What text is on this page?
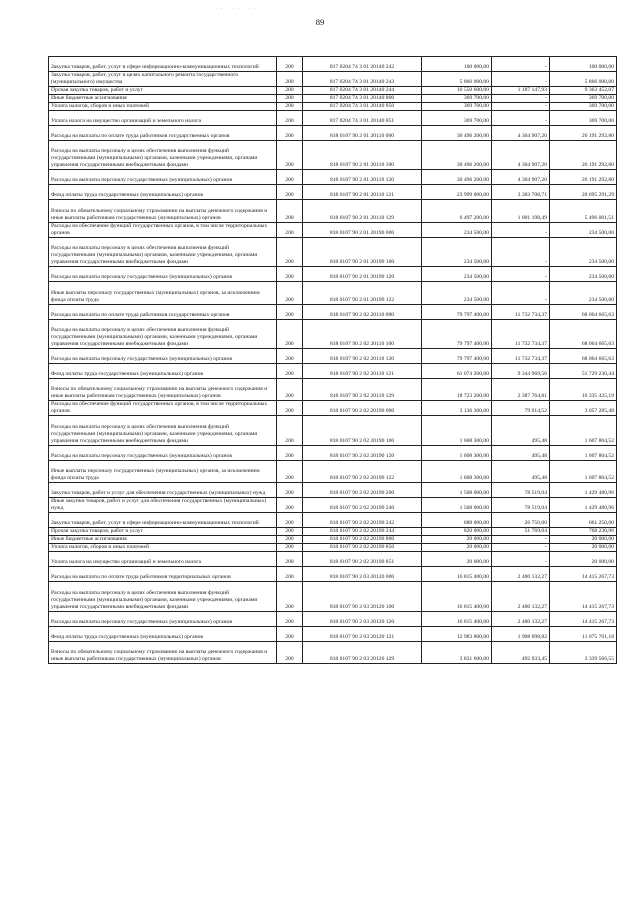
· · · · · · · · · ·
89
Закупка товаров, работ, услуг в сфере информационно-коммуникационных технологий	200	817 0204 74 3 01 20140 242	100 000,00	-	100 000,00
Закупка товаров, работ, услуг в целях капитального ремонта государственного (муниципального) имущества	200	817 0204 74 3 01 20140 243	5 866 000,00	-	5 866 000,00
Прочая закупка товаров, работ и услуг	200	817 0204 74 3 01 20140 244	10 550 600,00	1 187 147,93	9 363 452,07
Иные бюджетные ассигнования	200	817 0204 74 3 01 20140 800	369 700,00	-	369 700,00
Уплата налогов, сборов и иных платежей	200	817 0204 74 3 01 20140 850	369 700,00	-	369 700,00
Уплата налога на имущество организаций и земельного налога	200	817 0204 74 3 01 20140 851	369 700,00	-	369 700,00
Расходы на выплаты по оплате труда работников государственных органов	200	818 0107 90 2 01 20110 000	30 496 200,00	4 304 907,20	26 191 292,80
Расходы на выплаты персоналу в целях обеспечения выполнения функций государственными (муниципальными) органами, казенными учреждениями, органами управления государственными внебюджетными фондами	200	818 0107 90 2 01 20110 100	30 496 200,00	4 304 907,20	26 191 292,80
Расходы на выплаты персоналу государственных (муниципальных) органов	200	818 0107 90 2 01 20110 120	30 496 200,00	4 304 907,20	26 191 292,80
Фонд оплаты труда государственных (муниципальных) органов	200	818 0107 90 2 01 20110 121	23 999 000,00	3 303 708,71	20 695 291,29
Взносы по обязательному социальному страхованию на выплаты денежного содержания и иные выплаты работникам государственных (муниципальных) органов	200	818 0107 90 2 01 20110 129	6 497 200,00	1 001 198,49	5 496 001,51
Расходы на обеспечение функций государственных органов, в том числе территориальных органов	200	818 0107 90 2 01 20190 000	234 500,00	-	234 500,00
Расходы на выплаты персоналу в целях обеспечения выполнения функций государственными (муниципальными) органами, казенными учреждениями, органами управления государственными внебюджетными фондами	200	818 0107 90 2 01 20190 100	234 500,00	-	234 500,00
Расходы на выплаты персоналу государственных (муниципальных) органов	200	818 0107 90 2 01 20190 120	234 500,00	-	234 500,00
Иные выплаты персоналу государственных (муниципальных) органов, за исключением фонда оплаты труда	200	818 0107 90 2 01 20190 122	234 500,00	-	234 500,00
Расходы на выплаты по оплате труда работников государственных органов	200	818 0107 90 2 02 20110 000	79 797 400,00	11 732 734,37	68 064 665,63
Расходы на выплаты персоналу в целях обеспечения выполнения функций государственными (муниципальными) органами, казенными учреждениями, органами управления государственными внебюджетными фондами	200	818 0107 90 2 02 20110 100	79 797 400,00	11 732 734,37	68 064 665,63
Расходы на выплаты персоналу государственных (муниципальных) органов	200	818 0107 90 2 02 20110 120	79 797 400,00	11 732 734,37	68 064 665,63
Фонд оплаты труда государственных (муниципальных) органов	200	818 0107 90 2 02 20110 121	61 074 200,00	9 344 969,56	51 729 230,44
Взносы по обязательному социальному страхованию на выплаты денежного содержания и иные выплаты работникам государственных (муниципальных) органов	200	818 0107 90 2 02 20110 129	18 723 200,00	2 387 764,81	16 335 435,19
Расходы на обеспечение функций государственных органов, в том числе территориальных органов	200	818 0107 90 2 02 20190 000	3 136 300,00	79 014,52	3 057 285,48
Расходы на выплаты персоналу в целях обеспечения выполнения функций государственными (муниципальными) органами, казенными учреждениями, органами управления государственными внебюджетными фондами	200	818 0107 90 2 02 20190 100	1 608 300,00	495,48	1 607 804,52
Расходы на выплаты персоналу государственных (муниципальных) органов	200	818 0107 90 2 02 20190 120	1 608 300,00	495,48	1 607 804,52
Иные выплаты персоналу государственных (муниципальных) органов, за исключением фонда оплаты труда	200	818 0107 90 2 02 20190 122	1 608 300,00	495,48	1 607 804,52
Закупка товаров, работ и услуг для обеспечения государственных (муниципальных) нужд	200	818 0107 90 2 02 20190 200	1 508 000,00	78 519,04	1 429 480,96
Иные закупки товаров, работ и услуг для обеспечения государственных (муниципальных) нужд	200	818 0107 90 2 02 20190 240	1 508 000,00	78 519,04	1 429 480,96
Закупка товаров, работ, услуг в сфере информационно-коммуникационных технологий	200	818 0107 90 2 02 20190 242	688 000,00	26 750,00	661 250,00
Прочая закупка товаров, работ и услуг	200	818 0107 90 2 02 20190 244	820 000,00	51 769,04	768 230,96
Иные бюджетные ассигнования	200	818 0107 90 2 02 20190 800	20 000,00	-	20 000,00
Уплата налогов, сборов и иных платежей	200	818 0107 90 2 02 20190 850	20 000,00	-	20 000,00
Уплата налога на имущество организаций и земельного налога	200	818 0107 90 2 02 20190 851	20 000,00	-	20 000,00
Расходы на выплаты по оплате труда работников территориальных органов	200	818 0107 90 2 03 20120 000	16 815 400,00	2 400 132,27	14 415 267,73
Расходы на выплаты персоналу в целях обеспечения выполнения функций государственными (муниципальными) органами, казенными учреждениями, органами управления государственными внебюджетными фондами	200	818 0107 90 2 03 20120 100	16 815 400,00	2 400 132,27	14 415 267,73
Расходы на выплаты персоналу государственных (муниципальных) органов	200	818 0107 90 2 03 20120 120	16 815 400,00	2 400 132,27	14 415 267,73
Фонд оплаты труда государственных (муниципальных) органов	200	818 0107 90 2 03 20120 121	12 983 800,00	1 908 098,82	11 075 701,18
Взносы по обязательному социальному страхованию на выплаты денежного содержания и иные выплаты работникам государственных (муниципальных) органов	200	818 0107 90 2 03 20120 129	3 831 600,00	492 033,45	3 339 566,55
